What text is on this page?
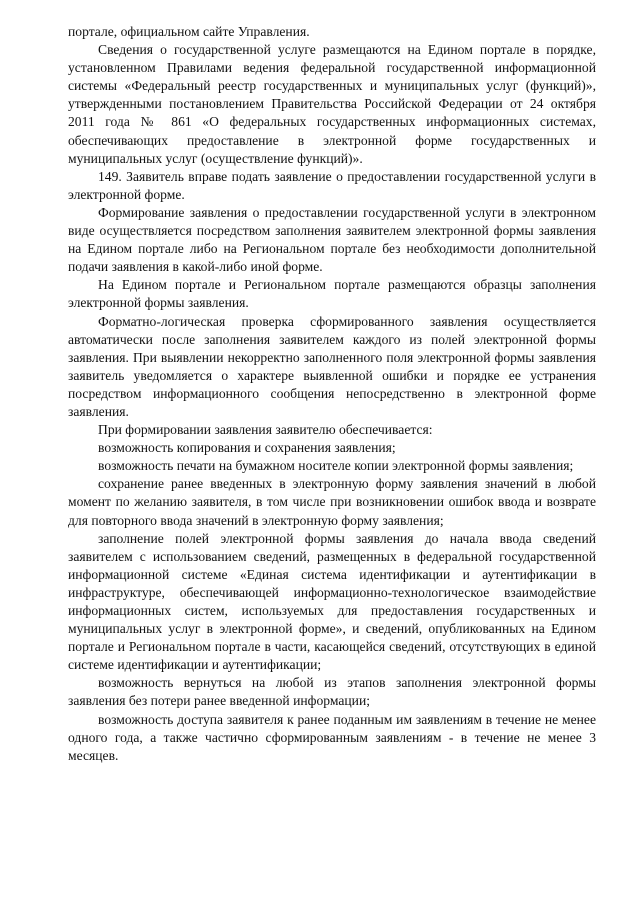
порталe, официальном сайте Управления.

Сведения о государственной услуге размещаются на Едином портале в порядке, установленном Правилами ведения федеральной государственной информационной системы «Федеральный реестр государственных и муниципальных услуг (функций)», утвержденными постановлением Правительства Российской Федерации от 24 октября 2011 года № 861 «О федеральных государственных информационных системах, обеспечивающих предоставление в электронной форме государственных и муниципальных услуг (осуществление функций)».

149. Заявитель вправе подать заявление о предоставлении государственной услуги в электронной форме.

Формирование заявления о предоставлении государственной услуги в электронном виде осуществляется посредством заполнения заявителем электронной формы заявления на Едином портале либо на Региональном портале без необходимости дополнительной подачи заявления в какой-либо иной форме.

На Едином портале и Региональном портале размещаются образцы заполнения электронной формы заявления.

Форматно-логическая проверка сформированного заявления осуществляется автоматически после заполнения заявителем каждого из полей электронной формы заявления. При выявлении некорректно заполненного поля электронной формы заявления заявитель уведомляется о характере выявленной ошибки и порядке ее устранения посредством информационного сообщения непосредственно в электронной форме заявления.

При формировании заявления заявителю обеспечивается:

возможность копирования и сохранения заявления;

возможность печати на бумажном носителе копии электронной формы заявления;

сохранение ранее введенных в электронную форму заявления значений в любой момент по желанию заявителя, в том числе при возникновении ошибок ввода и возврате для повторного ввода значений в электронную форму заявления;

заполнение полей электронной формы заявления до начала ввода сведений заявителем с использованием сведений, размещенных в федеральной государственной информационной системе «Единая система идентификации и аутентификации в инфраструктуре, обеспечивающей информационно-технологическое взаимодействие информационных систем, используемых для предоставления государственных и муниципальных услуг в электронной форме», и сведений, опубликованных на Едином портале и Региональном портале в части, касающейся сведений, отсутствующих в единой системе идентификации и аутентификации;

возможность вернуться на любой из этапов заполнения электронной формы заявления без потери ранее введенной информации;

возможность доступа заявителя к ранее поданным им заявлениям в течение не менее одного года, а также частично сформированным заявлениям - в течение не менее 3 месяцев.
